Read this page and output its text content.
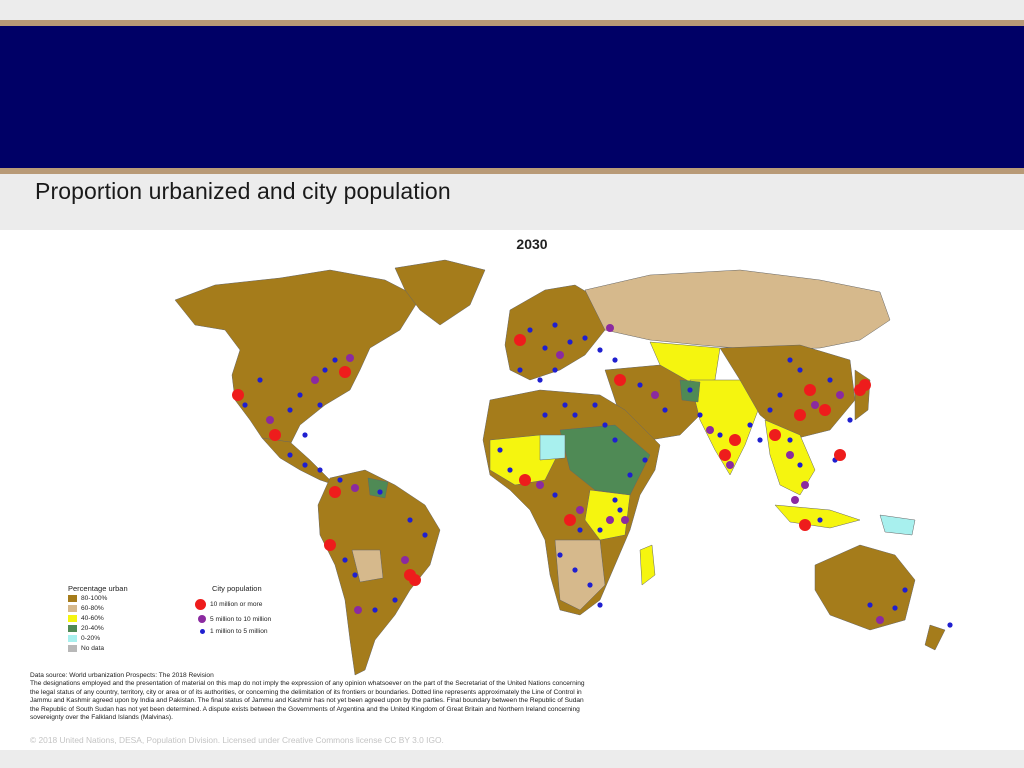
Proportion urbanized and city population
2030
Percentage urban
80-100%
60-80%
40-60%
20-40%
0-20%
No data
City population
10 million or more
5 million to 10 million
1 million to 5 million
Data source: World urbanization Prospects: The 2018 Revision
The designations employed and the presentation of material on this map do not imply the expression of any opinion whatsoever on the part of the Secretariat of the United Nations concerning the legal status of any country, territory, city or area or of its authorities, or concerning the delimitation of its frontiers or boundaries. Dotted line represents approximately the Line of Control in Jammu and Kashmir agreed upon by India and Pakistan. The final status of Jammu and Kashmir has not yet been agreed upon by the parties. Final boundary between the Republic of Sudan the Republic of South Sudan has not yet been determined. A dispute exists between the Governments of Argentina and the United Kingdom of Great Britain and Northern Ireland concerning sovereignty over the Falkland Islands (Malvinas).
© 2018 United Nations, DESA, Population Division. Licensed under Creative Commons license CC BY 3.0 IGO.
